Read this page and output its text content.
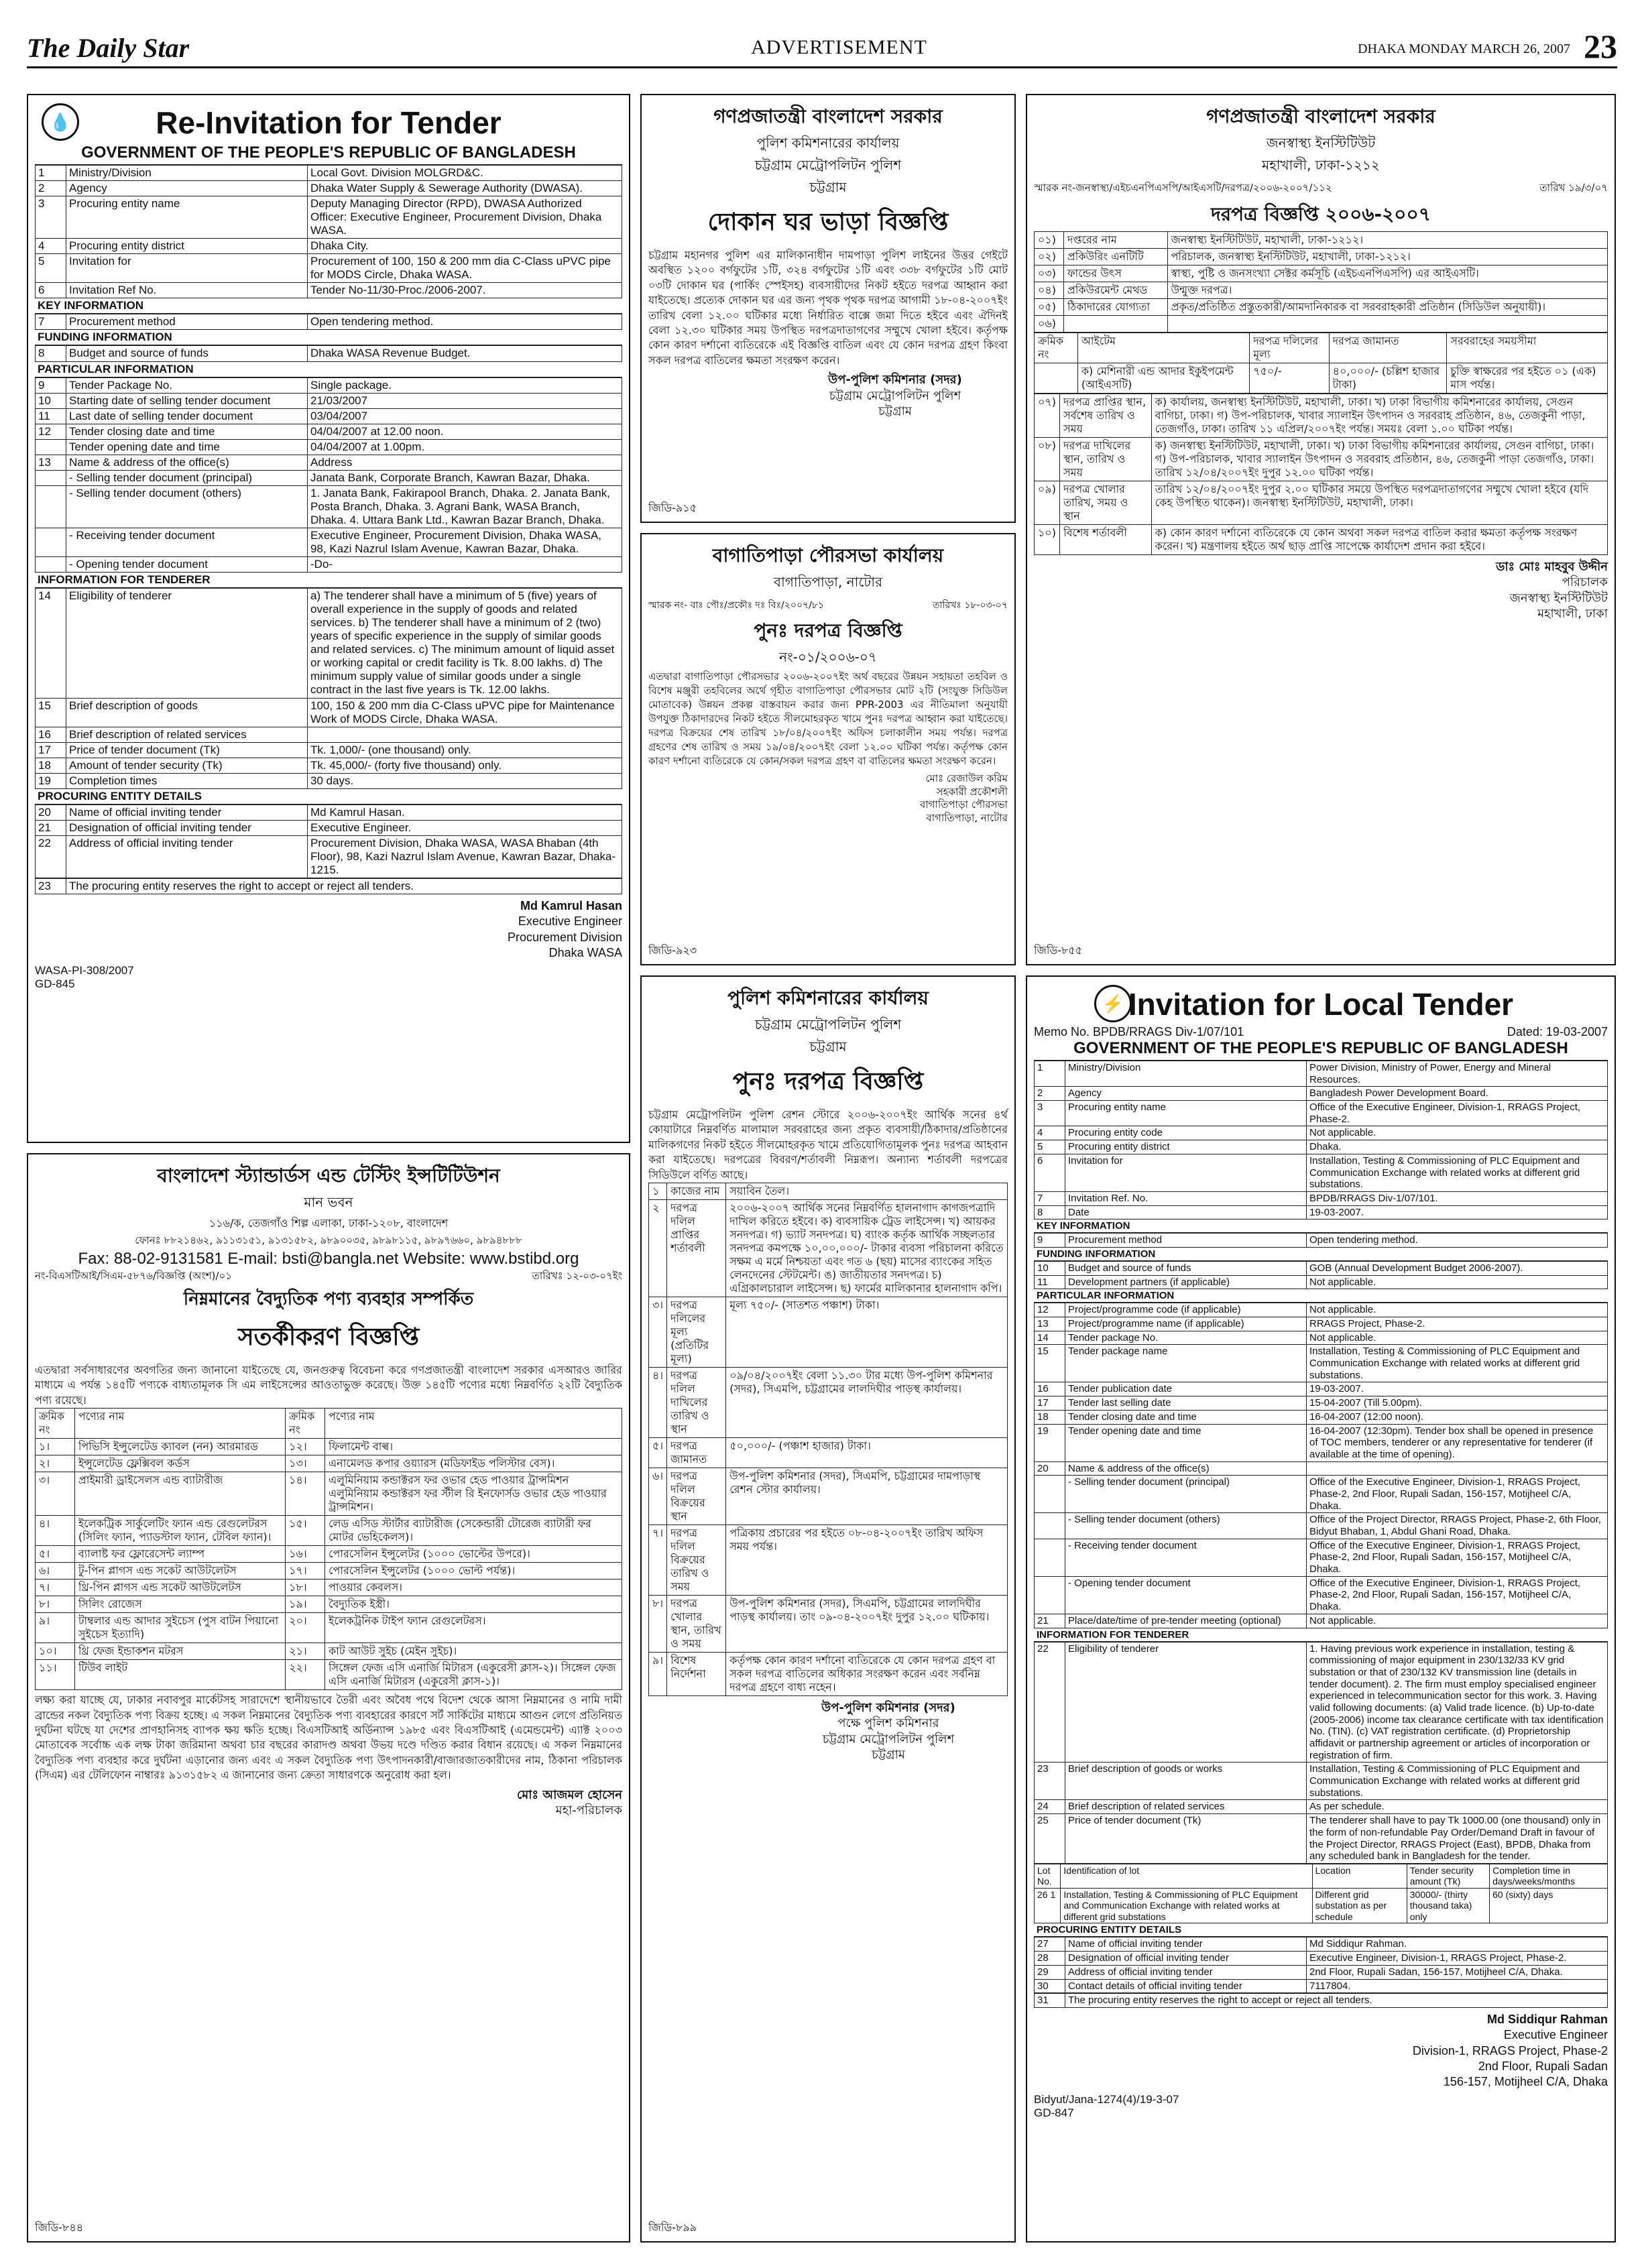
The Daily Star	ADVERTISEMENT	DHAKA MONDAY MARCH 26, 2007 23
💧	Re-Invitation for Tender
GOVERNMENT OF THE PEOPLE'S REPUBLIC OF BANGLADESH
1	Ministry/Division	Local Govt. Division MOLGRD&C.
2	Agency	Dhaka Water Supply & Sewerage Authority (DWASA).
3	Procuring entity name	Deputy Managing Director (RPD), DWASA Authorized Officer: Executive Engineer, Procurement Division, Dhaka WASA.
4	Procuring entity district	Dhaka City.
5	Invitation for	Procurement of 100, 150 & 200 mm dia C-Class uPVC pipe for MODS Circle, Dhaka WASA.
6	Invitation Ref No.	Tender No-11/30-Proc./2006-2007.
KEY INFORMATION
7	Procurement method	Open tendering method.
FUNDING INFORMATION
8	Budget and source of funds	Dhaka WASA Revenue Budget.
PARTICULAR INFORMATION
9	Tender Package No.	Single package.
10	Starting date of selling tender document	21/03/2007
11	Last date of selling tender document	03/04/2007
12	Tender closing date and time	04/04/2007 at 12.00 noon.
	Tender opening date and time	04/04/2007 at 1.00pm.
13	Name & address of the office(s)	Address
	- Selling tender document (principal)	Janata Bank, Corporate Branch, Kawran Bazar, Dhaka.
	- Selling tender document (others)	1. Janata Bank, Fakirapool Branch, Dhaka. 2. Janata Bank, Posta Branch, Dhaka. 3. Agrani Bank, WASA Branch, Dhaka. 4. Uttara Bank Ltd., Kawran Bazar Branch, Dhaka.
	- Receiving tender document	Executive Engineer, Procurement Division, Dhaka WASA, 98, Kazi Nazrul Islam Avenue, Kawran Bazar, Dhaka.
	- Opening tender document	-Do-
INFORMATION FOR TENDERER
14	Eligibility of tenderer	a) The tenderer shall have a minimum of 5 (five) years of overall experience in the supply of goods and related services. b) The tenderer shall have a minimum of 2 (two) years of specific experience in the supply of similar goods and related services. c) The minimum amount of liquid asset or working capital or credit facility is Tk. 8.00 lakhs. d) The minimum supply value of similar goods under a single contract in the last five years is Tk. 12.00 lakhs.
15	Brief description of goods	100, 150 & 200 mm dia C-Class uPVC pipe for Maintenance Work of MODS Circle, Dhaka WASA.
16	Brief description of related services	
17	Price of tender document (Tk)	Tk. 1,000/- (one thousand) only.
18	Amount of tender security (Tk)	Tk. 45,000/- (forty five thousand) only.
19	Completion times	30 days.
PROCURING ENTITY DETAILS
20	Name of official inviting tender	Md Kamrul Hasan.
21	Designation of official inviting tender	Executive Engineer.
22	Address of official inviting tender	Procurement Division, Dhaka WASA, WASA Bhaban (4th Floor), 98, Kazi Nazrul Islam Avenue, Kawran Bazar, Dhaka-1215.
23	The procuring entity reserves the right to accept or reject all tenders.
Md Kamrul Hasan
Executive Engineer
Procurement Division
Dhaka WASA
WASA-PI-308/2007
GD-845
গণপ্রজাতন্ত্রী বাংলাদেশ সরকার
পুলিশ কমিশনারের কার্যালয়
চট্টগ্রাম মেট্রোপলিটন পুলিশ
চট্টগ্রাম
দোকান ঘর ভাড়া বিজ্ঞপ্তি
চট্টগ্রাম মহানগর পুলিশ এর মালিকানাধীন দামপাড়া পুলিশ লাইনের উত্তর গেইটে অবস্থিত ১২০০ বর্গফুটের ১টি, ৩২৪ বর্গফুটের ১টি এবং ৩৩৮ বর্গফুটের ১টি মোট ০৩টি দোকান ঘর (পার্কিং স্পেইসহ) ব্যবসায়ীদের নিকট হইতে দরপত্র আহ্বান করা যাইতেছে। প্রত্যেক দোকান ঘর এর জন্য পৃথক পৃথক দরপত্র আগামী ১৮-০৪-২০০৭ইং তারিখ বেলা ১২.০০ ঘটিকার মধ্যে নির্ধারিত বাক্সে জমা দিতে হইবে এবং ঐদিনই বেলা ১২.৩০ ঘটিকার সময় উপস্থিত দরপত্রদাতাগণের সম্মুখে খোলা হইবে। কর্তৃপক্ষ কোন কারণ দর্শানো ব্যতিরেকে এই বিজ্ঞপ্তি বাতিল এবং যে কোন দরপত্র গ্রহণ কিংবা সকল দরপত্র বাতিলের ক্ষমতা সংরক্ষণ করেন।
উপ-পুলিশ কমিশনার (সদর)
চট্টগ্রাম মেট্রোপলিটন পুলিশ
চট্টগ্রাম
জিডি-৯১৫
বাগাতিপাড়া পৌরসভা কার্যালয়
বাগাতিপাড়া, নাটোর
স্মারক নং- বাঃ পৌঃ/প্রকৌঃ দঃ বিঃ/২০০৭/৮১	তারিখঃ ১৮-০৩-০৭
পুনঃ দরপত্র বিজ্ঞপ্তি
নং-০১/২০০৬-০৭
এতদ্বারা বাগাতিপাড়া পৌরসভার ২০০৬-২০০৭ইং অর্থ বছরের উন্নয়ন সহায়তা তহবিল ও বিশেষ মঞ্জুরী তহবিলের অর্থে গৃহীত বাগাতিপাড়া পৌরসভার মোট ২টি (সংযুক্ত সিডিউল মোতাবেক) উন্নয়ন প্রকল্প বাস্তবায়ন করার জন্য PPR-2003 এর নীতিমালা অনুযায়ী উপযুক্ত ঠিকাদারদের নিকট হইতে সীলমোহরকৃত খামে পুনঃ দরপত্র আহ্বান করা যাইতেছে। দরপত্র বিক্রয়ের শেষ তারিখ ১৮/০৪/২০০৭ইং অফিস চলাকালীন সময় পর্যন্ত। দরপত্র গ্রহণের শেষ তারিখ ও সময় ১৯/০৪/২০০৭ইং বেলা ১২.০০ ঘটিকা পর্যন্ত। কর্তৃপক্ষ কোন কারণ দর্শানো ব্যতিরেকে যে কোন/সকল দরপত্র গ্রহণ বা বাতিলের ক্ষমতা সংরক্ষণ করেন।
মোঃ রেজাউল করিম
সহকারী প্রকৌশলী
বাগাতিপাড়া পৌরসভা
বাগাতিপাড়া, নাটোর
জিডি-৯২৩
গণপ্রজাতন্ত্রী বাংলাদেশ সরকার
জনস্বাস্থ্য ইনস্টিটিউট
মহাখালী, ঢাকা-১২১২
স্মারক নং-জনস্বাস্থ্য/এইচএনপিএসপি/আইএসটি/দরপত্র/২০০৬-২০০৭/১১২	তারিখ ১৯/৩/০৭
দরপত্র বিজ্ঞপ্তি ২০০৬-২০০৭
০১)	দপ্তরের নাম	জনস্বাস্থ্য ইনস্টিটিউট, মহাখালী, ঢাকা-১২১২।
০২)	প্রকিউরিং এনটিটি	পরিচালক, জনস্বাস্থ্য ইনস্টিটিউট, মহাখালী, ঢাকা-১২১২।
০৩)	ফান্ডের উৎস	স্বাস্থ্য, পুষ্টি ও জনসংখ্যা সেক্টর কর্মসূচি (এইচএনপিএসপি) এর আইএসটি।
০৪)	প্রকিউরমেন্ট মেথড	উন্মুক্ত দরপত্র।
০৫)	ঠিকাদারের যোগ্যতা	প্রকৃত/প্রতিষ্ঠিত প্রস্তুতকারী/আমদানিকারক বা সরবরাহকারী প্রতিষ্ঠান (সিডিউল অনুযায়ী)।
০৬)		
ক্রমিক নং	আইটেম	দরপত্র দলিলের মূল্য	দরপত্র জামানত	সরবরাহের সময়সীমা
	ক) মেশিনারী এন্ড আদার ইকুইপমেন্ট (আইএসটি)	৭৫০/-	৪০,০০০/- (চল্লিশ হাজার টাকা)	চুক্তি স্বাক্ষরের পর হইতে ০১ (এক) মাস পর্যন্ত।
০৭)	দরপত্র প্রাপ্তির স্থান, সর্বশেষ তারিখ ও সময়	ক) কার্যালয়, জনস্বাস্থ্য ইনস্টিটিউট, মহাখালী, ঢাকা। খ) ঢাকা বিভাগীয় কমিশনারের কার্যালয়, সেগুন বাগিচা, ঢাকা। গ) উপ-পরিচালক, খাবার স্যালাইন উৎপাদন ও সরবরাহ প্রতিষ্ঠান, ৪৬, তেজকুনী পাড়া, তেজগাঁও, ঢাকা। তারিখ ১১ এপ্রিল/২০০৭ইং পর্যন্ত। সময়ঃ বেলা ১.০০ ঘটিকা পর্যন্ত।
০৮)	দরপত্র দাখিলের স্থান, তারিখ ও সময়	ক) জনস্বাস্থ্য ইনস্টিটিউট, মহাখালী, ঢাকা। খ) ঢাকা বিভাগীয় কমিশনারের কার্যালয়, সেগুন বাগিচা, ঢাকা। গ) উপ-পরিচালক, খাবার স্যালাইন উৎপাদন ও সরবরাহ প্রতিষ্ঠান, ৪৬, তেজকুনী পাড়া তেজগাঁও, ঢাকা। তারিখ ১২/০৪/২০০৭ইং দুপুর ১২.০০ ঘটিকা পর্যন্ত।
০৯)	দরপত্র খোলার তারিখ, সময় ও স্থান	তারিখ ১২/০৪/২০০৭ইং দুপুর ২.০০ ঘটিকার সময়ে উপস্থিত দরপত্রদাতাগণের সম্মুখে খোলা হইবে (যদি কেহ উপস্থিত থাকেন)। জনস্বাস্থ্য ইনস্টিটিউট, মহাখালী, ঢাকা।
১০)	বিশেষ শর্তাবলী	ক) কোন কারণ দর্শানো ব্যতিরেকে যে কোন অথবা সকল দরপত্র বাতিল করার ক্ষমতা কর্তৃপক্ষ সংরক্ষণ করেন। খ) মন্ত্রণালয় হইতে অর্থ ছাড় প্রাপ্তি সাপেক্ষে কার্যাদেশ প্রদান করা হইবে।
ডাঃ মোঃ মাহবুব উদ্দীন
পরিচালক
জনস্বাস্থ্য ইনস্টিটিউট
মহাখালী, ঢাকা
জিডি-৮৫৫
বাংলাদেশ স্ট্যান্ডার্ডস এন্ড টেস্টিং ইন্সটিটিউশন
মান ভবন
১১৬/ক, তেজগাঁও শিল্প এলাকা, ঢাকা-১২০৮, বাংলাদেশ
ফোনঃ ৮৮২১৪৬২, ৯১১৩১৫১, ৯১৩১৫৮২, ৯৮৯০০৩৫, ৯৮৯৮১১৫, ৯৮৯৭৬৬০, ৯৮৯৪৮৮৮
Fax: 88-02-9131581 E-mail: bsti@bangla.net Website: www.bstibd.org
নং-বিএসটিআই/সিএম-৫৮৭৬/বিজ্ঞপ্তি (অংশ)/০১	তারিখঃ ১২-০৩-০৭ইং
নিম্নমানের বৈদ্যুতিক পণ্য ব্যবহার সম্পর্কিত
সতর্কীকরণ বিজ্ঞপ্তি
এতদ্বারা সর্বসাধারণের অবগতির জন্য জানানো যাইতেছে যে, জনগুরুত্ব বিবেচনা করে গণপ্রজাতন্ত্রী বাংলাদেশ সরকার এসআরও জারির মাধ্যমে এ পর্যন্ত ১৪৫টি পণ্যকে বাধ্যতামূলক সি এম লাইসেন্সের আওতাভুক্ত করেছে। উক্ত ১৪৫টি পণ্যের মধ্যে নিম্নবর্ণিত ২২টি বৈদ্যুতিক পণ্য রয়েছে।
ক্রমিক নং	পণ্যের নাম	ক্রমিক নং	পণ্যের নাম
১।	পিভিসি ইন্সুলেটেড ক্যাবল (নন) আরমারড	১২।	ফিলামেন্ট বাল্ব।
২।	ইন্সুলেটেড ফ্লেক্সিবল কর্ডস	১৩।	এনামেলড কপার ওয়্যারস (মডিফাইড পলিস্টার বেস)।
৩।	প্রাইমারী ড্রাইসেলস এন্ড ব্যাটারীজ	১৪।	এলুমিনিয়াম কন্ডাক্টরস ফর ওভার হেড পাওয়ার ট্রান্সমিশন এলুমিনিয়াম কন্ডাক্টরস ফর স্টীল রি ইনফোর্সড ওভার হেড পাওয়ার ট্রান্সমিশন।
৪।	ইলেকট্রিক সার্কুলেটিং ফ্যান এন্ড রেগুলেটরস (সিলিং ফ্যান, প্যাডস্টাল ফ্যান, টেবিল ফ্যান)।	১৫।	লেড এসিড স্টার্টার ব্যাটারীজ (সেকেন্ডারী টোরেজ ব্যাটারী ফর মোটর ভেহিকেলস)।
৫।	ব্যালাষ্ট ফর ফ্লোরেসেন্ট ল্যাম্প	১৬।	পোরসেলিন ইন্সুলেটর (১০০০ ভোল্টের উপরে)।
৬।	টু-পিন প্লাগস এন্ড সকেট আউটলেটস	১৭।	পোরসেলিন ইন্সুলেটর (১০০০ ভোল্ট পর্যন্ত)।
৭।	থ্রি-পিন প্লাগস এন্ড সকেট আউটলেটস	১৮।	পাওয়ার কেবলস।
৮।	সিলিং রোজেস	১৯।	বৈদ্যুতিক ইস্ত্রী।
৯।	টাম্বলার এন্ড আদার সুইচেস (পুস বাটন পিয়ানো সুইচেস ইত্যাদি)	২০।	ইলেকট্রনিক টাইপ ফ্যান রেগুলেটরস।
১০।	থ্রি ফেজ ইন্ডাকশন মটরস	২১।	কাট আউট সুইচ (মেইন সুইচ)।
১১।	টিউব লাইট	২২।	সিঙ্গেল ফেজ এসি এনার্জি মিটারস (একুরেসী ক্লাস-২)। সিঙ্গেল ফেজ এসি এনার্জি মিটারস (একুরেসী ক্লাস-১)।
লক্ষ্য করা যাচ্ছে যে, ঢাকার নবাবপুর মার্কেটসহ সারাদেশে স্থানীয়ভাবে তৈরী এবং অবৈধ পথে বিদেশ থেকে আসা নিম্নমানের ও নামি দামী ব্রান্ডের নকল বৈদ্যুতিক পণ্য বিক্রয় হচ্ছে। এ সকল নিম্নমানের বৈদ্যুতিক পণ্য ব্যবহারের কারণে সর্ট সার্কিটের মাধ্যমে আগুন লেগে প্রতিনিয়ত দুর্ঘটনা ঘটছে যা দেশের প্রাণহানিসহ ব্যাপক ক্ষয় ক্ষতি হচ্ছে। বিএসটিআই অর্ডিন্যান্স ১৯৮৫ এবং বিএসটিআই (এমেন্ডমেন্ট) এ্যাক্ট ২০০৩ মোতাবেক সর্বোচ্চ এক লক্ষ টাকা জরিমানা অথবা চার বছরের কারাদণ্ড অথবা উভয় দণ্ডে দণ্ডিত করার বিধান রয়েছে। এ সকল নিম্নমানের বৈদ্যুতিক পণ্য ব্যবহার করে দুর্ঘটনা এড়ানোর জন্য এবং এ সকল বৈদ্যুতিক পণ্য উৎপাদনকারী/বাজারজাতকারীদের নাম, ঠিকানা পরিচালক (সিএম) এর টেলিফোন নাম্বারঃ ৯১৩১৫৮২ এ জানানোর জন্য ক্রেতা সাধারণকে অনুরোধ করা হল।
মোঃ আজমল হোসেন
মহা-পরিচালক
জিডি-৮৪৪
পুলিশ কমিশনারের কার্যালয়
চট্টগ্রাম মেট্রোপলিটন পুলিশ
চট্টগ্রাম
পুনঃ দরপত্র বিজ্ঞপ্তি
চট্টগ্রাম মেট্রোপলিটন পুলিশ রেশন স্টোরে ২০০৬-২০০৭ইং আর্থিক সনের ৪র্থ কোয়াটারে নিম্নবর্ণিত মালামাল সরবরাহের জন্য প্রকৃত ব্যবসায়ী/ঠিকাদার/প্রতিষ্ঠানের মালিকগণের নিকট হইতে সীলমোহরকৃত খামে প্রতিযোগিতামূলক পুনঃ দরপত্র আহবান করা যাইতেছে। দরপত্রের বিবরণ/শর্তাবলী নিম্নরূপ। অন্যান্য শর্তাবলী দরপত্রের সিডিউলে বর্ণিত আছে।
১	কাজের নাম	সয়াবিন তৈল।
২	দরপত্র দলিল প্রাপ্তির শর্তাবলী	২০০৬-২০০৭ আর্থিক সনের নিম্নবর্ণিত হালনাগাদ কাগজপত্রাদি দাখিল করিতে হইবে। ক) ব্যবসায়িক ট্রেড লাইসেন্স। খ) আয়কর সনদপত্র। গ) ভ্যাট সনদপত্র। ঘ) ব্যাংক কর্তৃক আর্থিক সচ্ছলতার সনদপত্র কমপক্ষে ১০,০০,০০০/- টাকার ব্যবসা পরিচালনা করিতে সক্ষম এ মর্মে নিশ্চয়তা এবং গত ৬ (ছয়) মাসের ব্যাংকের সহিত লেনদেনের স্টেটমেন্ট। ঙ) জাতীয়তার সনদপত্র। চ) এগ্রিকালচারাল লাইসেন্স। ছ) ফার্মের মালিকানার হালনাগাদ কপি।
৩।	দরপত্র দলিলের মূল্য (প্রতিটির মূল্য)	মূল্য ৭৫০/- (সাতশত পঞ্চাশ) টাকা।
৪।	দরপত্র দলিল দাখিলের তারিখ ও স্থান	০৯/০৪/২০০৭ইং বেলা ১১.৩০ টার মধ্যে উপ-পুলিশ কমিশনার (সদর), সিএমপি, চট্টগ্রামের লালদিঘীর পাড়স্থ কার্যালয়।
৫।	দরপত্র জামানত	৫০,০০০/- (পঞ্চাশ হাজার) টাকা।
৬।	দরপত্র দলিল বিক্রয়ের স্থান	উপ-পুলিশ কমিশনার (সদর), সিএমপি, চট্টগ্রামের দামপাড়াস্থ রেশন স্টোর কার্যালয়।
৭।	দরপত্র দলিল বিক্রয়ের তারিখ ও সময়	পত্রিকায় প্রচারের পর হইতে ০৮-০৪-২০০৭ইং তারিখ অফিস সময় পর্যন্ত।
৮।	দরপত্র খোলার স্থান, তারিখ ও সময়	উপ-পুলিশ কমিশনার (সদর), সিএমপি, চট্টগ্রামের লালদিঘীর পাড়স্থ কার্যালয়। তাং ০৯-০৪-২০০৭ইং দুপুর ১২.০০ ঘটিকায়।
৯।	বিশেষ নির্দেশনা	কর্তৃপক্ষ কোন কারণ দর্শানো ব্যতিরেকে যে কোন দরপত্র গ্রহণ বা সকল দরপত্র বাতিলের অধিকার সংরক্ষণ করেন এবং সর্বনিম্ন দরপত্র গ্রহণে বাধ্য নহেন।
উপ-পুলিশ কমিশনার (সদর)
পক্ষে পুলিশ কমিশনার
চট্টগ্রাম মেট্রোপলিটন পুলিশ
চট্টগ্রাম
জিডি-৮৯৯
⚡ Invitation for Local Tender
Memo No. BPDB/RRAGS Div-1/07/101	Dated: 19-03-2007
GOVERNMENT OF THE PEOPLE'S REPUBLIC OF BANGLADESH
1	Ministry/Division	Power Division, Ministry of Power, Energy and Mineral Resources.
2	Agency	Bangladesh Power Development Board.
3	Procuring entity name	Office of the Executive Engineer, Division-1, RRAGS Project, Phase-2.
4	Procuring entity code	Not applicable.
5	Procuring entity district	Dhaka.
6	Invitation for	Installation, Testing & Commissioning of PLC Equipment and Communication Exchange with related works at different grid substations.
7	Invitation Ref. No.	BPDB/RRAGS Div-1/07/101.
8	Date	19-03-2007.
KEY INFORMATION
9	Procurement method	Open tendering method.
FUNDING INFORMATION
10	Budget and source of funds	GOB (Annual Development Budget 2006-2007).
11	Development partners (if applicable)	Not applicable.
PARTICULAR INFORMATION
12	Project/programme code (if applicable)	Not applicable.
13	Project/programme name (if applicable)	RRAGS Project, Phase-2.
14	Tender package No.	Not applicable.
15	Tender package name	Installation, Testing & Commissioning of PLC Equipment and Communication Exchange with related works at different grid substations.
16	Tender publication date	19-03-2007.
17	Tender last selling date	15-04-2007 (Till 5.00pm).
18	Tender closing date and time	16-04-2007 (12:00 noon).
19	Tender opening date and time	16-04-2007 (12:30pm). Tender box shall be opened in presence of TOC members, tenderer or any representative for tenderer (if available at the time of opening).
20	Name & address of the office(s)	
	- Selling tender document (principal)	Office of the Executive Engineer, Division-1, RRAGS Project, Phase-2, 2nd Floor, Rupali Sadan, 156-157, Motijheel C/A, Dhaka.
	- Selling tender document (others)	Office of the Project Director, RRAGS Project, Phase-2, 6th Floor, Bidyut Bhaban, 1, Abdul Ghani Road, Dhaka.
	- Receiving tender document	Office of the Executive Engineer, Division-1, RRAGS Project, Phase-2, 2nd Floor, Rupali Sadan, 156-157, Motijheel C/A, Dhaka.
	- Opening tender document	Office of the Executive Engineer, Division-1, RRAGS Project, Phase-2, 2nd Floor, Rupali Sadan, 156-157, Motijheel C/A, Dhaka.
21	Place/date/time of pre-tender meeting (optional)	Not applicable.
INFORMATION FOR TENDERER
22	Eligibility of tenderer	1. Having previous work experience in installation, testing & commissioning of major equipment in 230/132/33 KV grid substation or that of 230/132 KV transmission line (details in tender document). 2. The firm must employ specialised engineer experienced in telecommunication sector for this work. 3. Having valid following documents: (a) Valid trade licence. (b) Up-to-date (2005-2006) income tax clearance certificate with tax identification No. (TIN). (c) VAT registration certificate. (d) Proprietorship affidavit or partnership agreement or articles of incorporation or registration of firm.
23	Brief description of goods or works	Installation, Testing & Commissioning of PLC Equipment and Communication Exchange with related works at different grid substations.
24	Brief description of related services	As per schedule.
25	Price of tender document (Tk)	The tenderer shall have to pay Tk 1000.00 (one thousand) only in the form of non-refundable Pay Order/Demand Draft in favour of the Project Director, RRAGS Project (East), BPDB, Dhaka from any scheduled bank in Bangladesh for the tender.
Lot No.	Identification of lot	Location	Tender security amount (Tk)	Completion time in days/weeks/months
26 1	Installation, Testing & Commissioning of PLC Equipment and Communication Exchange with related works at different grid substations	Different grid substation as per schedule	30000/- (thirty thousand taka) only	60 (sixty) days
PROCURING ENTITY DETAILS
27	Name of official inviting tender	Md Siddiqur Rahman.
28	Designation of official inviting tender	Executive Engineer, Division-1, RRAGS Project, Phase-2.
29	Address of official inviting tender	2nd Floor, Rupali Sadan, 156-157, Motijheel C/A, Dhaka.
30	Contact details of official inviting tender	7117804.
31	The procuring entity reserves the right to accept or reject all tenders.
Md Siddiqur Rahman
Executive Engineer
Division-1, RRAGS Project, Phase-2
2nd Floor, Rupali Sadan
156-157, Motijheel C/A, Dhaka
Bidyut/Jana-1274(4)/19-3-07
GD-847
